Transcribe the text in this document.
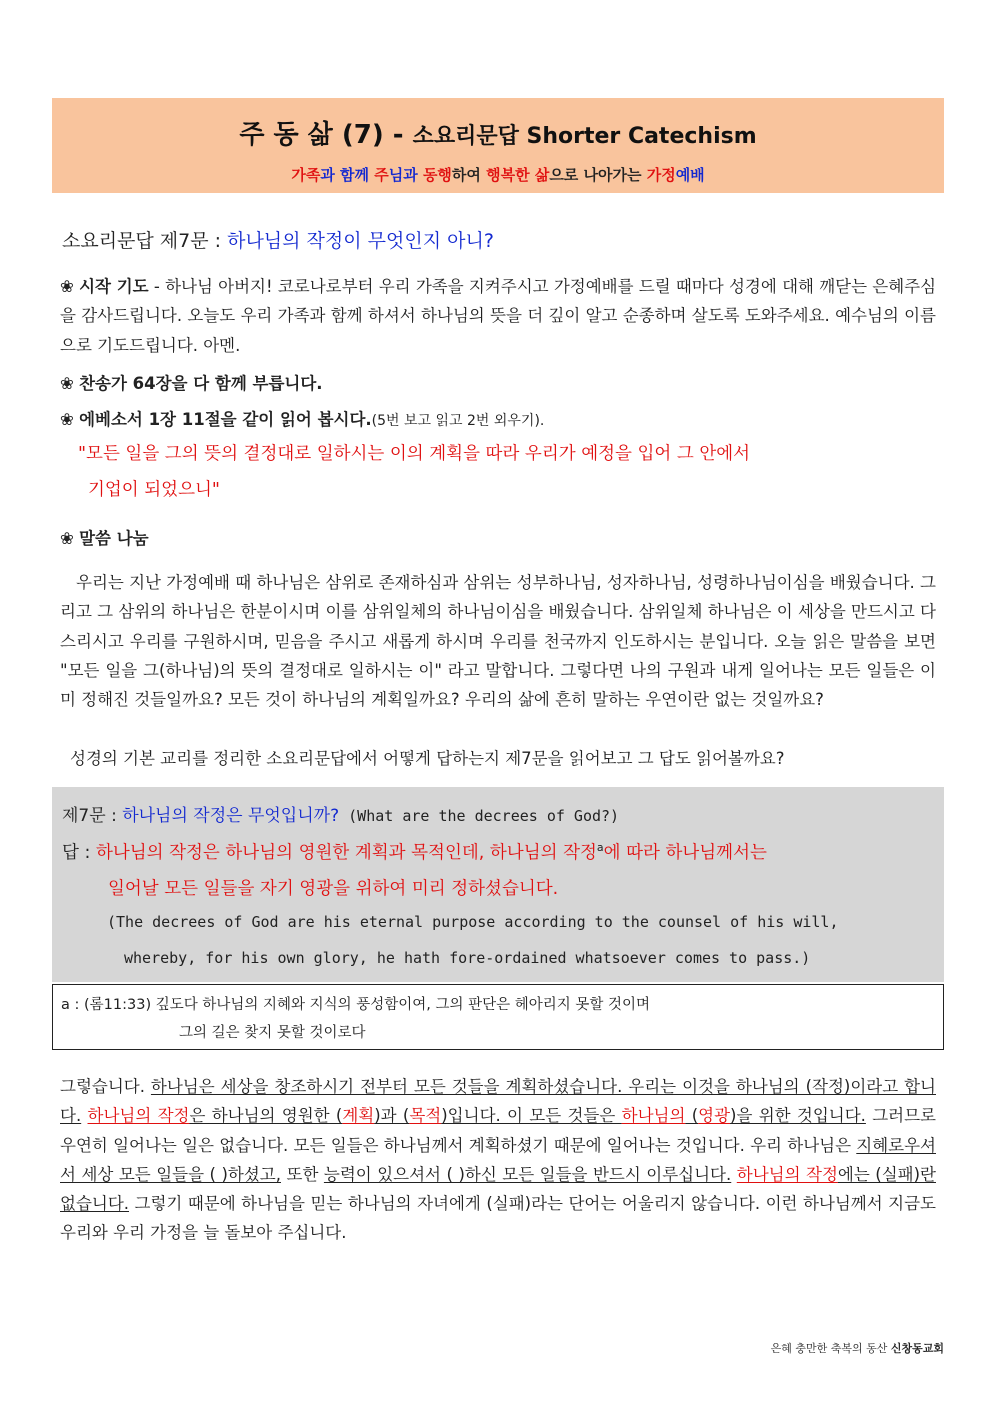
주 동 삶 (7) - 소요리문답 Shorter Catechism
가족과 함께 주님과 동행하여 행복한 삶으로 나아가는 가정예배
소요리문답 제7문 : 하나님의 작정이 무엇인지 아니?
❀ 시작 기도 - 하나님 아버지! 코로나로부터 우리 가족을 지켜주시고 가정예배를 드릴 때마다 성경에 대해 깨닫는 은혜주심을 감사드립니다. 오늘도 우리 가족과 함께 하셔서 하나님의 뜻을 더 깊이 알고 순종하며 살도록 도와주세요. 예수님의 이름으로 기도드립니다. 아멘.
❀ 찬송가 64장을 다 함께 부릅니다.
❀ 에베소서 1장 11절을 같이 읽어 봅시다.(5번 보고 읽고 2번 외우기).
"모든 일을 그의 뜻의 결정대로 일하시는 이의 계획을 따라 우리가 예정을 입어 그 안에서
기업이 되었으니"
❀ 말씀 나눔
우리는 지난 가정예배 때 하나님은 삼위로 존재하심과 삼위는 성부하나님, 성자하나님, 성령하나님이심을 배웠습니다. 그리고 그 삼위의 하나님은 한분이시며 이를 삼위일체의 하나님이심을 배웠습니다. 삼위일체 하나님은 이 세상을 만드시고 다스리시고 우리를 구원하시며, 믿음을 주시고 새롭게 하시며 우리를 천국까지 인도하시는 분입니다. 오늘 읽은 말씀을 보면 "모든 일을 그(하나님)의 뜻의 결정대로 일하시는 이" 라고 말합니다. 그렇다면 나의 구원과 내게 일어나는 모든 일들은 이미 정해진 것들일까요? 모든 것이 하나님의 계획일까요? 우리의 삶에 흔히 말하는 우연이란 없는 것일까요?
성경의 기본 교리를 정리한 소요리문답에서 어떻게 답하는지 제7문을 읽어보고 그 답도 읽어볼까요?
제7문 : 하나님의 작정은 무엇입니까? (What are the decrees of God?)
답 : 하나님의 작정은 하나님의 영원한 계획과 목적인데, 하나님의 작정$^a$에 따라 하나님께서는
일어날 모든 일들을 자기 영광을 위하여 미리 정하셨습니다.
(The decrees of God are his eternal purpose according to the counsel of his will,
whereby, for his own glory, he hath fore-ordained whatsoever comes to pass.)
a : (롬11:33) 깊도다 하나님의 지혜와 지식의 풍성함이여, 그의 판단은 헤아리지 못할 것이며
그의 길은 찾지 못할 것이로다
그렇습니다. 하나님은 세상을 창조하시기 전부터 모든 것들을 계획하셨습니다. 우리는 이것을 하나님의 (작정)이라고 합니다. 하나님의 작정은 하나님의 영원한 (계획)과 (목적)입니다. 이 모든 것들은 하나님의 (영광)을 위한 것입니다. 그러므로 우연히 일어나는 일은 없습니다. 모든 일들은 하나님께서 계획하셨기 때문에 일어나는 것입니다. 우리 하나님은 지혜로우셔서 세상 모든 일들을 ( )하셨고, 또한 능력이 있으셔서 ( )하신 모든 일들을 반드시 이루십니다. 하나님의 작정에는 (실패)란 없습니다. 그렇기 때문에 하나님을 믿는 하나님의 자녀에게 (실패)라는 단어는 어울리지 않습니다. 이런 하나님께서 지금도 우리와 우리 가정을 늘 돌보아 주십니다.
은혜 충만한 축복의 동산 신창동교회
